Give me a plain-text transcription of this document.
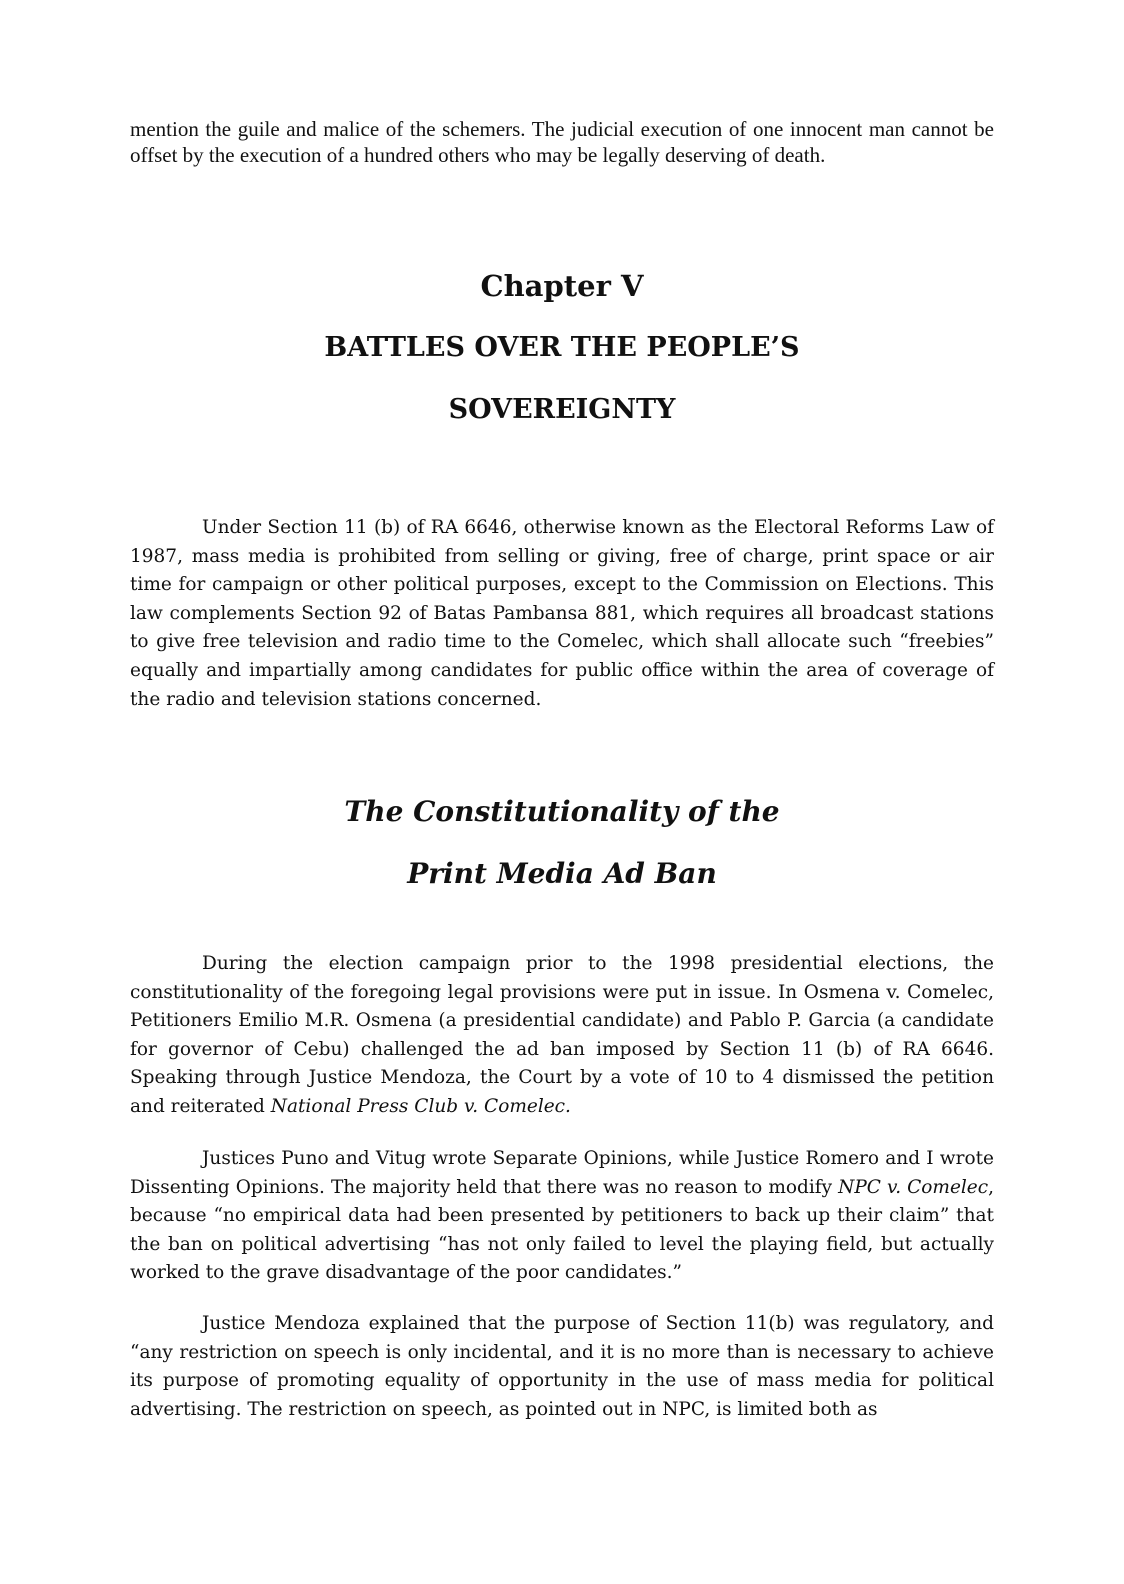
mention the guile and malice of the schemers. The judicial execution of one innocent man cannot be offset by the execution of a hundred others who may be legally deserving of death.

Chapter V
BATTLES OVER THE PEOPLE’S
SOVEREIGNTY

Under Section 11 (b) of RA 6646, otherwise known as the Electoral Reforms Law of 1987, mass media is prohibited from selling or giving, free of charge, print space or air time for campaign or other political purposes, except to the Commission on Elections. This law complements Section 92 of Batas Pambansa 881, which requires all broadcast stations to give free television and radio time to the Comelec, which shall allocate such “freebies” equally and impartially among candidates for public office within the area of coverage of the radio and television stations concerned.

The Constitutionality of the
Print Media Ad Ban

During the election campaign prior to the 1998 presidential elections, the constitutionality of the foregoing legal provisions were put in issue. In Osmena v. Comelec, Petitioners Emilio M.R. Osmena (a presidential candidate) and Pablo P. Garcia (a candidate for governor of Cebu) challenged the ad ban imposed by Section 11 (b) of RA 6646. Speaking through Justice Mendoza, the Court by a vote of 10 to 4 dismissed the petition and reiterated National Press Club v. Comelec.

Justices Puno and Vitug wrote Separate Opinions, while Justice Romero and I wrote Dissenting Opinions. The majority held that there was no reason to modify NPC v. Comelec, because “no empirical data had been presented by petitioners to back up their claim” that the ban on political advertising “has not only failed to level the playing field, but actually worked to the grave disadvantage of the poor candidates.”

Justice Mendoza explained that the purpose of Section 11(b) was regulatory, and “any restriction on speech is only incidental, and it is no more than is necessary to achieve its purpose of promoting equality of opportunity in the use of mass media for political advertising. The restriction on speech, as pointed out in NPC, is limited both as
